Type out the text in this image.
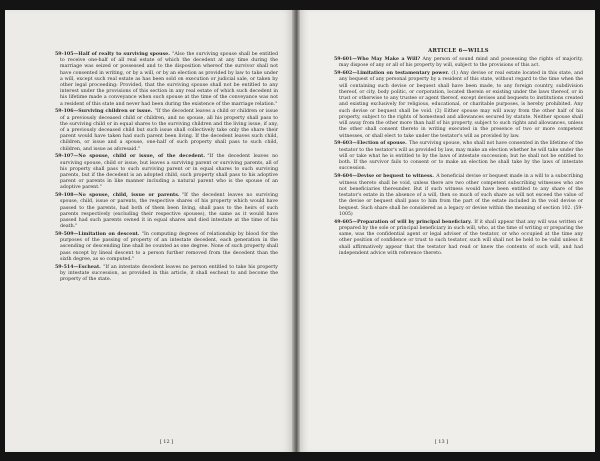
59-105—Half of realty to surviving spouse.  "Also the surviving spouse shall be entitled to receive one-half of all real estate of which the decedent at any time during the marriage was seized or possessed and to the disposition whereof the survivor shall not have consented in writing, or by a will, or by an election as provided by law to take under a will, except such real estate as has been sold on execution or judicial sale, or taken by other legal proceeding: Provided, that the surviving spouse shall not be entitled to any interest under the provisions of this section in any real estate of which such decedent in his lifetime made a conveyance when such spouse at the time of the conveyance was not a resident of this state and never had been during the existence of the marriage relation."

59-106—Surviving children or issue.  "If the decedent leaves a child or children or issue of a previously deceased child or children, and no spouse, all his property shall pass to the surviving child or in equal shares to the surviving children and the living issue, if any, of a previously deceased child but such issue shall collectively take only the share their parent would have taken had such parent been living. If the decedent leaves such child, children, or issue and a spouse, one-half of such property shall pass to such child, children, and issue as aforesaid."

59-107—No spouse, child or issue, of the decedent.  "If the decedent leaves no surviving spouse, child or issue, but leaves a surviving parent or surviving parents, all of his property shall pass to such surviving parent or in equal shares to such surviving parents, but if the decedent is an adopted child, such property shall pass to his adoptive parent or parents in like manner including a natural parent who is the spouse of an adoptive parent."

59-108—No spouse, child, issue or parents.  "If the decedent leaves no surviving spouse, child, issue or parents, the respective shares of his property which would have passed to the parents, had both of them been living, shall pass to the heirs of such parents respectively (excluding their respective spouses), the same as it would have passed had such parents owned it in equal shares and died intestate at the time of his death."

59-509—Limitation on descent.  "In computing degrees of relationship by blood for the purposes of the passing of property of an intestate decedent, each generation in the ascending or descending line shall be counted as one degree. None of such property shall pass except by lineal descent to a person further removed from the decedent than the sixth degree, as so computed."

59-514—Escheat.  "If an intestate decedent leaves no person entitled to take his property by intestate succession, as provided in this article, it shall escheat to and become the property of the state.

[ 12 ]
ARTICLE 6—WILLS

59-601—Who May Make a Will?  Any person of sound mind and possessing the rights of majority, may dispose of any or all of his property by will, subject to the provisions of this act.

59-602—Limitation on testamentary power.  (1) Any devise or real estate located in this state, and any bequest of any personal property by a resident of this state, without regard to the time when the will containing such devise or bequest shall have been made, to any foreign country, subdivision thereof, or city, body politic, or corporation, located therein or existing under the laws thereof, or in trust or otherwise to any trustee or agent thereof, except devises and bequests to institutions created and existing exclusively for religious, educational, or charitable purposes, is hereby prohibited. Any such devise or bequest shall be void. (2) Either spouse may will away from the other half of his property, subject to the rights of homestead and allowances secured by statute. Neither spouse shall will away from the other more than half of his property, subject to such rights and allowances, unless the other shall consent thereto in writing executed in the presence of two or more competent witnesses, or shall elect to take under the testator's will as provided by law.

59-603—Election of spouse.  The surviving spouse, who shall not have consented in the lifetime of the testator to the testator's will as provided by law, may make an election whether he will take under the will or take what he is entitled to by the laws of intestate succession; but he shall not be entitled to both. If the survivor fails to consent or to make an election he shall take by the laws of intestate succession.

59-604—Devise or bequest to witness.  A beneficial devise or bequest made in a will to a subscribing witness thereto shall be void, unless there are two other competent subscribing witnesses who are not beneficiaries thereunder. But if such witness would have been entitled to any share of the testator's estate in the absence of a will, then so much of such share as will not exceed the value of the devise or bequest shall pass to him from the part of the estate included in the void devise or bequest. Such share shall be considered as a legacy or devise within the meaning of section 102. (59-1005)

49-605—Preparation of will by principal beneficiary.  If it shall appear that any will was written or prepared by the sole or principal beneficiary in such will, who, at the time of writing or preparing the same, was the confidential agent or legal adviser of the testator, or who occupied at the time any other position of confidence or trust to such testator, such will shall not be held to be valid unless it shall affirmatively appear that the testator had read or knew the contents of such will, and had independent advice with reference thereto.

[ 13 ]
